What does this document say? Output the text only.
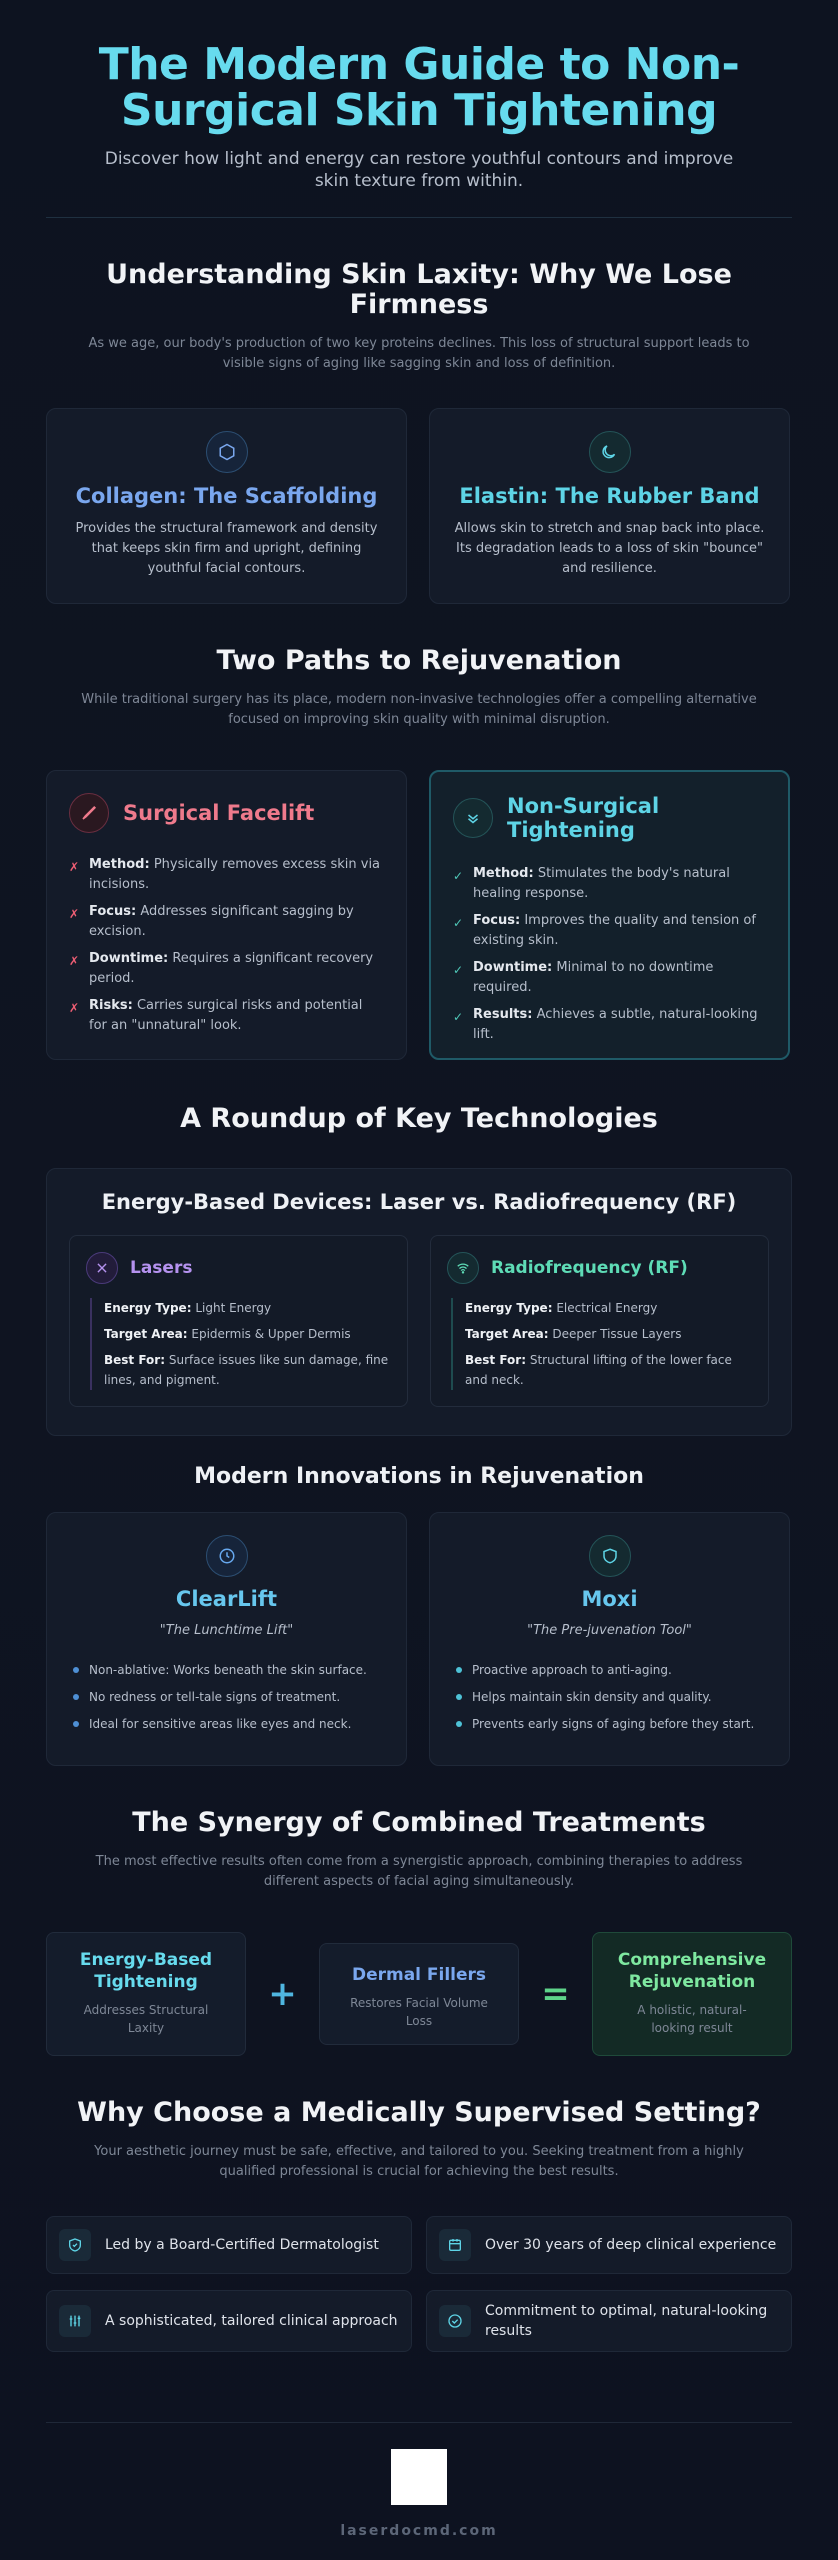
The Modern Guide to Non-Surgical Skin Tightening

Discover how light and energy can restore youthful contours and improve skin texture from within.

Understanding Skin Laxity: Why We Lose Firmness

As we age, our body's production of two key proteins declines. This loss of structural support leads to visible signs of aging like sagging skin and loss of definition.

Collagen: The Scaffolding

Provides the structural framework and density that keeps skin firm and upright, defining youthful facial contours.

Elastin: The Rubber Band

Allows skin to stretch and snap back into place. Its degradation leads to a loss of skin "bounce" and resilience.

Two Paths to Rejuvenation

While traditional surgery has its place, modern non-invasive technologies offer a compelling alternative focused on improving skin quality with minimal disruption.

Surgical Facelift
✗ Method: Physically removes excess skin via incisions.
✗ Focus: Addresses significant sagging by excision.
✗ Downtime: Requires a significant recovery period.
✗ Risks: Carries surgical risks and potential for an "unnatural" look.
Non-Surgical Tightening
✓ Method: Stimulates the body's natural healing response.
✓ Focus: Improves the quality and tension of existing skin.
✓ Downtime: Minimal to no downtime required.
✓ Results: Achieves a subtle, natural-looking lift.
A Roundup of Key Technologies
Energy-Based Devices: Laser vs. Radiofrequency (RF)
Lasers
Energy Type: Light Energy
Target Area: Epidermis & Upper Dermis
Best For: Surface issues like sun damage, fine lines, and pigment.
Radiofrequency (RF)
Energy Type: Electrical Energy
Target Area: Deeper Tissue Layers
Best For: Structural lifting of the lower face and neck.
Modern Innovations in Rejuvenation
ClearLift
"The Lunchtime Lift"
Non-ablative: Works beneath the skin surface.
No redness or tell-tale signs of treatment.
Ideal for sensitive areas like eyes and neck.
Moxi
"The Pre-juvenation Tool"
Proactive approach to anti-aging.
Helps maintain skin density and quality.
Prevents early signs of aging before they start.
The Synergy of Combined Treatments

The most effective results often come from a synergistic approach, combining therapies to address different aspects of facial aging simultaneously.

Energy-Based Tightening

Addresses Structural Laxity

+	Dermal Fillers

Restores Facial Volume Loss

=
Comprehensive Rejuvenation

A holistic, natural-looking result

Why Choose a Medically Supervised Setting?

Your aesthetic journey must be safe, effective, and tailored to you. Seeking treatment from a highly qualified professional is crucial for achieving the best results.

Led by a Board-Certified Dermatologist	Over 30 years of deep clinical experience
A sophisticated, tailored clinical approach
Commitment to optimal, natural-looking results
laserdocmd.com
